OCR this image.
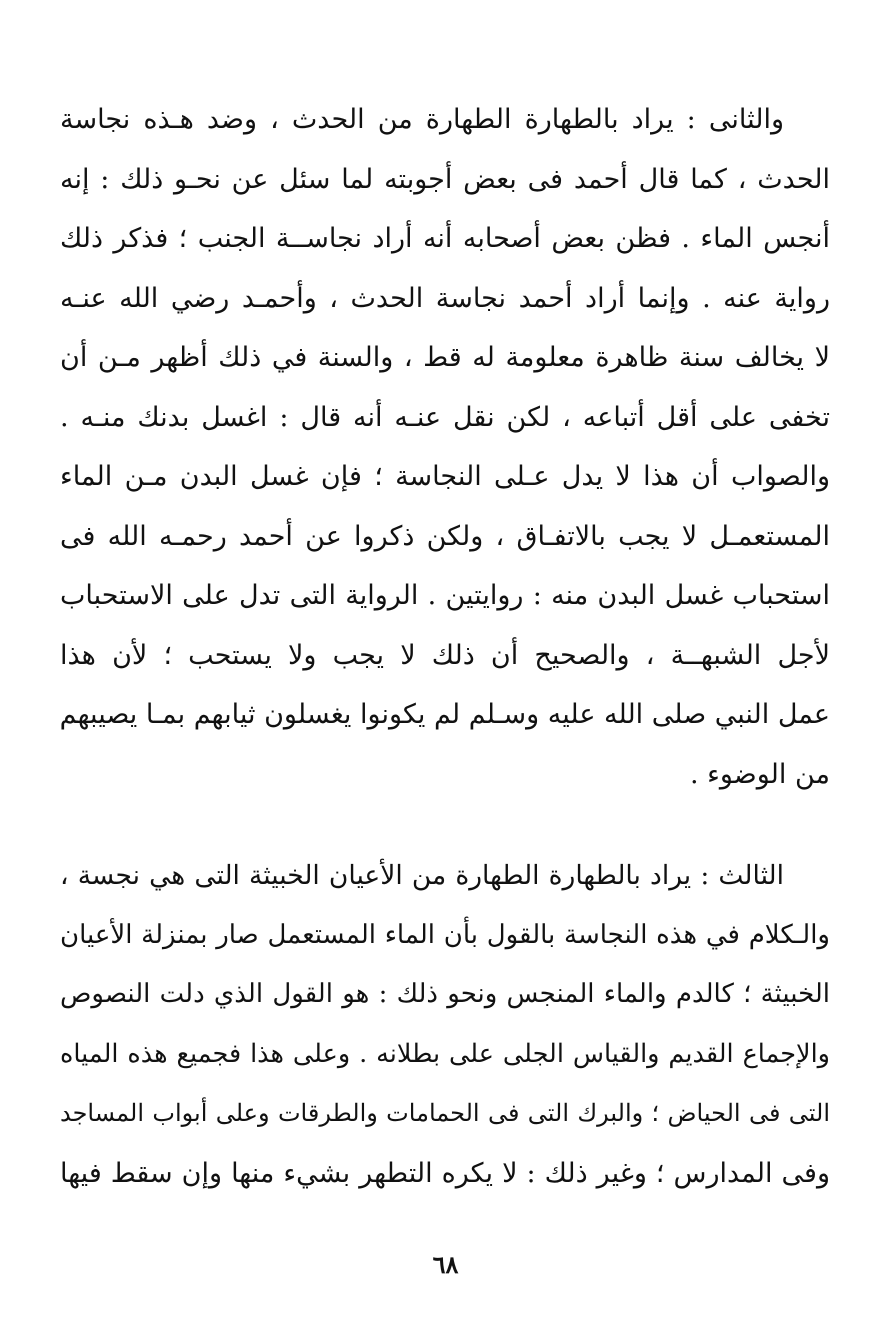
والثانى : يراد بالطهارة الطهارة من الحدث ، وضد هـذه نجاسة
الحدث ، كما قال أحمد فى بعض أجوبته لما سئل عن نحـو ذلك : إنه
أنجس الماء . فظن بعض أصحابه أنه أراد نجاســة الجنب ؛ فذكر ذلك
رواية عنه . وإنما أراد أحمد نجاسة الحدث ، وأحمـد رضي الله عنـه
لا يخالف سنة ظاهرة معلومة له قط ، والسنة في ذلك أظهر مـن أن
تخفى على أقل أتباعه ، لكن نقل عنـه أنه قال : اغسل بدنك منـه .
والصواب أن هذا لا يدل عـلى النجاسة ؛ فإن غسل البدن مـن الماء
المستعمـل لا يجب بالاتفـاق ، ولكن ذكروا عن أحمد رحمـه الله فى
استحباب غسل البدن منه : روايتين . الرواية التى تدل على الاستحباب
لأجل الشبهــة ، والصحيح أن ذلك لا يجب ولا يستحب ؛ لأن هذا
عمل النبي صلى الله عليه وسـلم لم يكونوا يغسلون ثيابهم بمـا يصيبهم
من الوضوء .
الثالث : يراد بالطهارة الطهارة من الأعيان الخبيثة التى هي نجسة ،
والـكلام في هذه النجاسة بالقول بأن الماء المستعمل صار بمنزلة الأعيان
الخبيثة ؛ كالدم والماء المنجس ونحو ذلك : هو القول الذي دلت النصوص
والإجماع القديم والقياس الجلى على بطلانه . وعلى هذا فجميع هذه المياه
التى فى الحياض ؛ والبرك التى فى الحمامات والطرقات وعلى أبواب المساجد
وفى المدارس ؛ وغير ذلك : لا يكره التطهر بشيء منها وإن سقط فيها
٦٨
